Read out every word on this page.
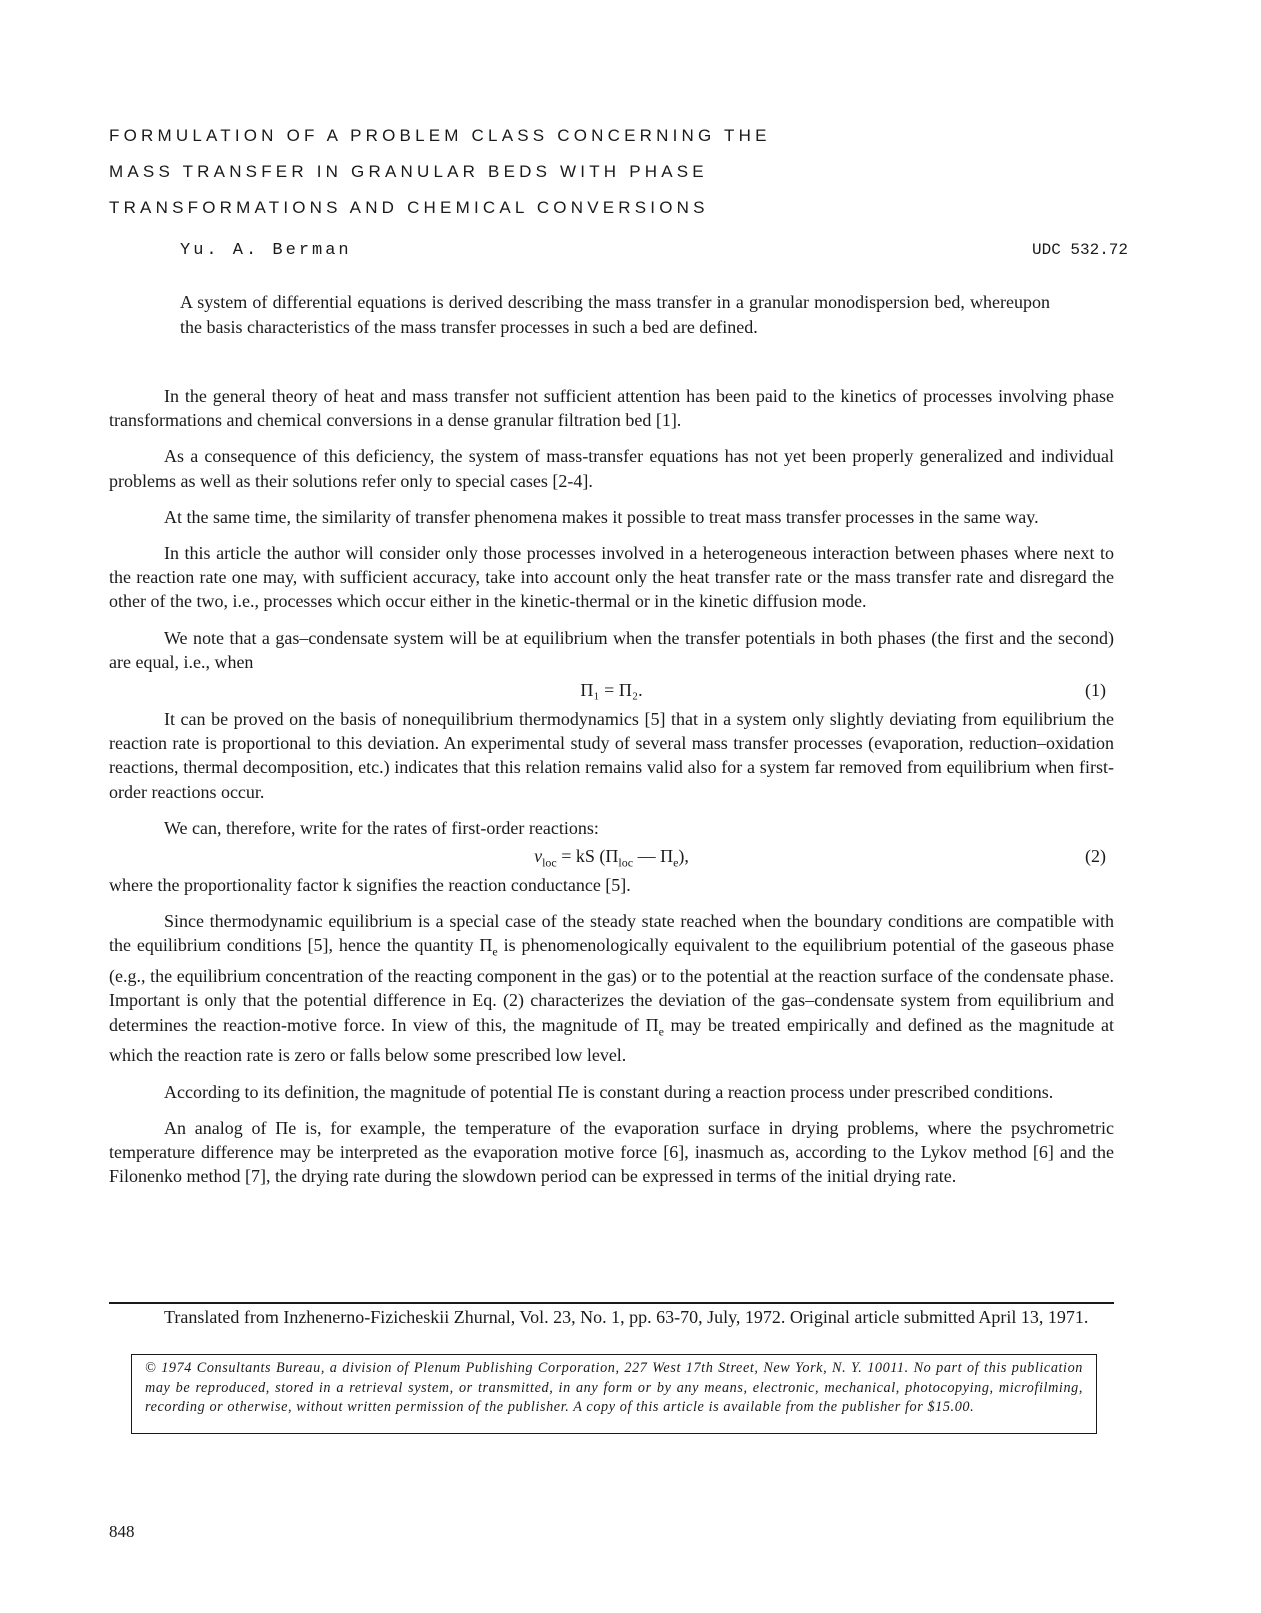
FORMULATION OF A PROBLEM CLASS CONCERNING THE
MASS TRANSFER IN GRANULAR BEDS WITH PHASE
TRANSFORMATIONS AND CHEMICAL CONVERSIONS
Yu. A. Berman	UDC 532.72
A system of differential equations is derived describing the mass transfer in a granular monodispersion bed, whereupon the basis characteristics of the mass transfer processes in such a bed are defined.

In the general theory of heat and mass transfer not sufficient attention has been paid to the kinetics of processes involving phase transformations and chemical conversions in a dense granular filtration bed [1].

As a consequence of this deficiency, the system of mass-transfer equations has not yet been properly generalized and individual problems as well as their solutions refer only to special cases [2-4].

At the same time, the similarity of transfer phenomena makes it possible to treat mass transfer processes in the same way.

In this article the author will consider only those processes involved in a heterogeneous interaction between phases where next to the reaction rate one may, with sufficient accuracy, take into account only the heat transfer rate or the mass transfer rate and disregard the other of the two, i.e., processes which occur either in the kinetic-thermal or in the kinetic diffusion mode.

We note that a gas–condensate system will be at equilibrium when the transfer potentials in both phases (the first and the second) are equal, i.e., when

Π₁ = Π₂.	(1)

It can be proved on the basis of nonequilibrium thermodynamics [5] that in a system only slightly deviating from equilibrium the reaction rate is proportional to this deviation. An experimental study of several mass transfer processes (evaporation, reduction–oxidation reactions, thermal decomposition, etc.) indicates that this relation remains valid also for a system far removed from equilibrium when first-order reactions occur.

We can, therefore, write for the rates of first-order reactions:

$v_{loc}$ = kS ($\Pi_{loc}$ — $\Pi_e$),	(2)

where the proportionality factor k signifies the reaction conductance [5].

Since thermodynamic equilibrium is a special case of the steady state reached when the boundary conditions are compatible with the equilibrium conditions [5], hence the quantity $\Pi_e$ is phenomenologically equivalent to the equilibrium potential of the gaseous phase (e.g., the equilibrium concentration of the reacting component in the gas) or to the potential at the reaction surface of the condensate phase. Important is only that the potential difference in Eq. (2) characterizes the deviation of the gas–condensate system from equilibrium and determines the reaction-motive force. In view of this, the magnitude of $\Pi_e$ may be treated empirically and defined as the magnitude at which the reaction rate is zero or falls below some prescribed low level.

According to its definition, the magnitude of potential Πe is constant during a reaction process under prescribed conditions.

An analog of Πe is, for example, the temperature of the evaporation surface in drying problems, where the psychrometric temperature difference may be interpreted as the evaporation motive force [6], inasmuch as, according to the Lykov method [6] and the Filonenko method [7], the drying rate during the slowdown period can be expressed in terms of the initial drying rate.

Translated from Inzhenerno-Fizicheskii Zhurnal, Vol. 23, No. 1, pp. 63-70, July, 1972. Original article submitted April 13, 1971.
© 1974 Consultants Bureau, a division of Plenum Publishing Corporation, 227 West 17th Street, New York, N. Y. 10011. No part of this publication may be reproduced, stored in a retrieval system, or transmitted, in any form or by any means, electronic, mechanical, photocopying, microfilming, recording or otherwise, without written permission of the publisher. A copy of this article is available from the publisher for $15.00.
848
